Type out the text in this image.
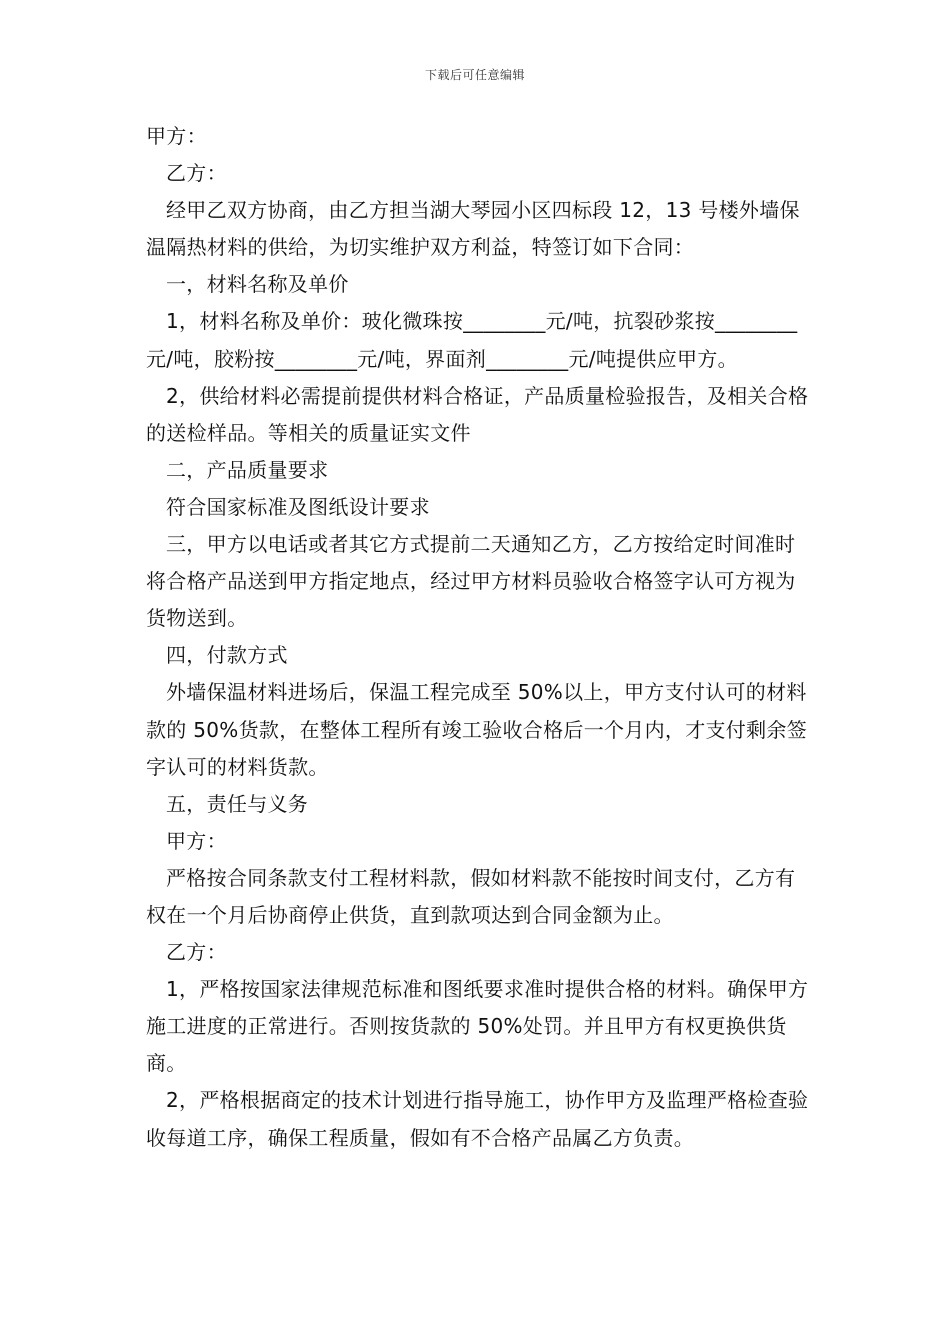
下载后可任意编辑

甲方：

乙方：

经甲乙双方协商，由乙方担当湖大琴园小区四标段 12，13 号楼外墙保温隔热材料的供给，为切实维护双方利益，特签订如下合同：

一，材料名称及单价

1，材料名称及单价：玻化微珠按________元/吨，抗裂砂浆按________元/吨，胶粉按________元/吨，界面剂________元/吨提供应甲方。

2，供给材料必需提前提供材料合格证，产品质量检验报告，及相关合格的送检样品。等相关的质量证实文件

二，产品质量要求

符合国家标准及图纸设计要求

三，甲方以电话或者其它方式提前二天通知乙方，乙方按给定时间准时将合格产品送到甲方指定地点，经过甲方材料员验收合格签字认可方视为货物送到。

四，付款方式

外墙保温材料进场后，保温工程完成至 50%以上，甲方支付认可的材料款的 50%货款，在整体工程所有竣工验收合格后一个月内，才支付剩余签字认可的材料货款。

五，责任与义务

甲方：

严格按合同条款支付工程材料款，假如材料款不能按时间支付，乙方有权在一个月后协商停止供货，直到款项达到合同金额为止。

乙方：

1，严格按国家法律规范标准和图纸要求准时提供合格的材料。确保甲方施工进度的正常进行。否则按货款的 50%处罚。并且甲方有权更换供货商。

2，严格根据商定的技术计划进行指导施工，协作甲方及监理严格检查验收每道工序，确保工程质量，假如有不合格产品属乙方负责。
